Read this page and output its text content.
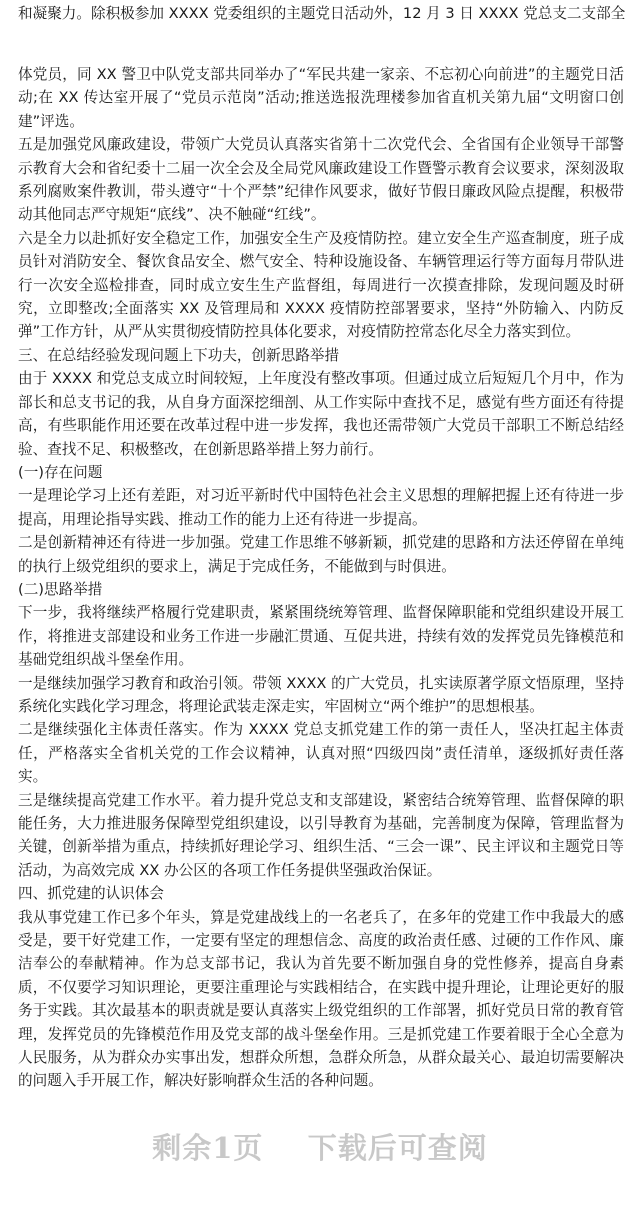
和凝聚力。除积极参加 XXXX 党委组织的主题党日活动外，12 月 3 日 XXXX 党总支二支部全

体党员，同 XX 警卫中队党支部共同举办了“军民共建一家亲、不忘初心向前进”的主题党日活动;在 XX 传达室开展了“党员示范岗”活动;推送选报洗理楼参加省直机关第九届“文明窗口创建”评选。

五是加强党风廉政建设，带领广大党员认真落实省第十二次党代会、全省国有企业领导干部警示教育大会和省纪委十二届一次全会及全局党风廉政建设工作暨警示教育会议要求，深刻汲取系列腐败案件教训，带头遵守“十个严禁”纪律作风要求，做好节假日廉政风险点提醒，积极带动其他同志严守规矩“底线”、决不触碰“红线”。

六是全力以赴抓好安全稳定工作，加强安全生产及疫情防控。建立安全生产巡查制度，班子成员针对消防安全、餐饮食品安全、燃气安全、特种设施设备、车辆管理运行等方面每月带队进行一次安全巡检排查，同时成立安生生产监督组，每周进行一次摸查排除，发现问题及时研究，立即整改;全面落实 XX 及管理局和 XXXX 疫情防控部署要求，坚持“外防输入、内防反弹”工作方针，从严从实贯彻疫情防控具体化要求，对疫情防控常态化尽全力落实到位。

三、在总结经验发现问题上下功夫，创新思路举措

由于 XXXX 和党总支成立时间较短，上年度没有整改事项。但通过成立后短短几个月中，作为部长和总支书记的我，从自身方面深挖细剖、从工作实际中查找不足，感觉有些方面还有待提高，有些职能作用还要在改革过程中进一步发挥，我也还需带领广大党员干部职工不断总结经验、查找不足、积极整改，在创新思路举措上努力前行。

(一)存在问题

一是理论学习上还有差距，对习近平新时代中国特色社会主义思想的理解把握上还有待进一步提高，用理论指导实践、推动工作的能力上还有待进一步提高。

二是创新精神还有待进一步加强。党建工作思维不够新颖，抓党建的思路和方法还停留在单纯的执行上级党组织的要求上，满足于完成任务，不能做到与时俱进。

(二)思路举措

下一步，我将继续严格履行党建职责，紧紧围绕统筹管理、监督保障职能和党组织建设开展工作，将推进支部建设和业务工作进一步融汇贯通、互促共进，持续有效的发挥党员先锋模范和基础党组织战斗堡垒作用。

一是继续加强学习教育和政治引领。带领 XXXX 的广大党员，扎实读原著学原文悟原理，坚持系统化实践化学习理念，将理论武装走深走实，牢固树立“两个维护”的思想根基。

二是继续强化主体责任落实。作为 XXXX 党总支抓党建工作的第一责任人，坚决扛起主体责任，严格落实全省机关党的工作会议精神，认真对照“四级四岗”责任清单，逐级抓好责任落实。

三是继续提高党建工作水平。着力提升党总支和支部建设，紧密结合统筹管理、监督保障的职能任务，大力推进服务保障型党组织建设，以引导教育为基础，完善制度为保障，管理监督为关键，创新举措为重点，持续抓好理论学习、组织生活、“三会一课”、民主评议和主题党日等活动，为高效完成 XX 办公区的各项工作任务提供坚强政治保证。

四、抓党建的认识体会

我从事党建工作已多个年头，算是党建战线上的一名老兵了，在多年的党建工作中我最大的感受是，要干好党建工作，一定要有坚定的理想信念、高度的政治责任感、过硬的工作作风、廉洁奉公的奉献精神。作为总支部书记，我认为首先要不断加强自身的党性修养，提高自身素质，不仅要学习知识理论，更要注重理论与实践相结合，在实践中提升理论，让理论更好的服务于实践。其次最基本的职责就是要认真落实上级党组织的工作部署，抓好党员日常的教育管理，发挥党员的先锋模范作用及党支部的战斗堡垒作用。三是抓党建工作要着眼于全心全意为人民服务，从为群众办实事出发，想群众所想，急群众所急，从群众最关心、最迫切需要解决的问题入手开展工作，解决好影响群众生活的各种问题。

剩余1页    下载后可查阅
